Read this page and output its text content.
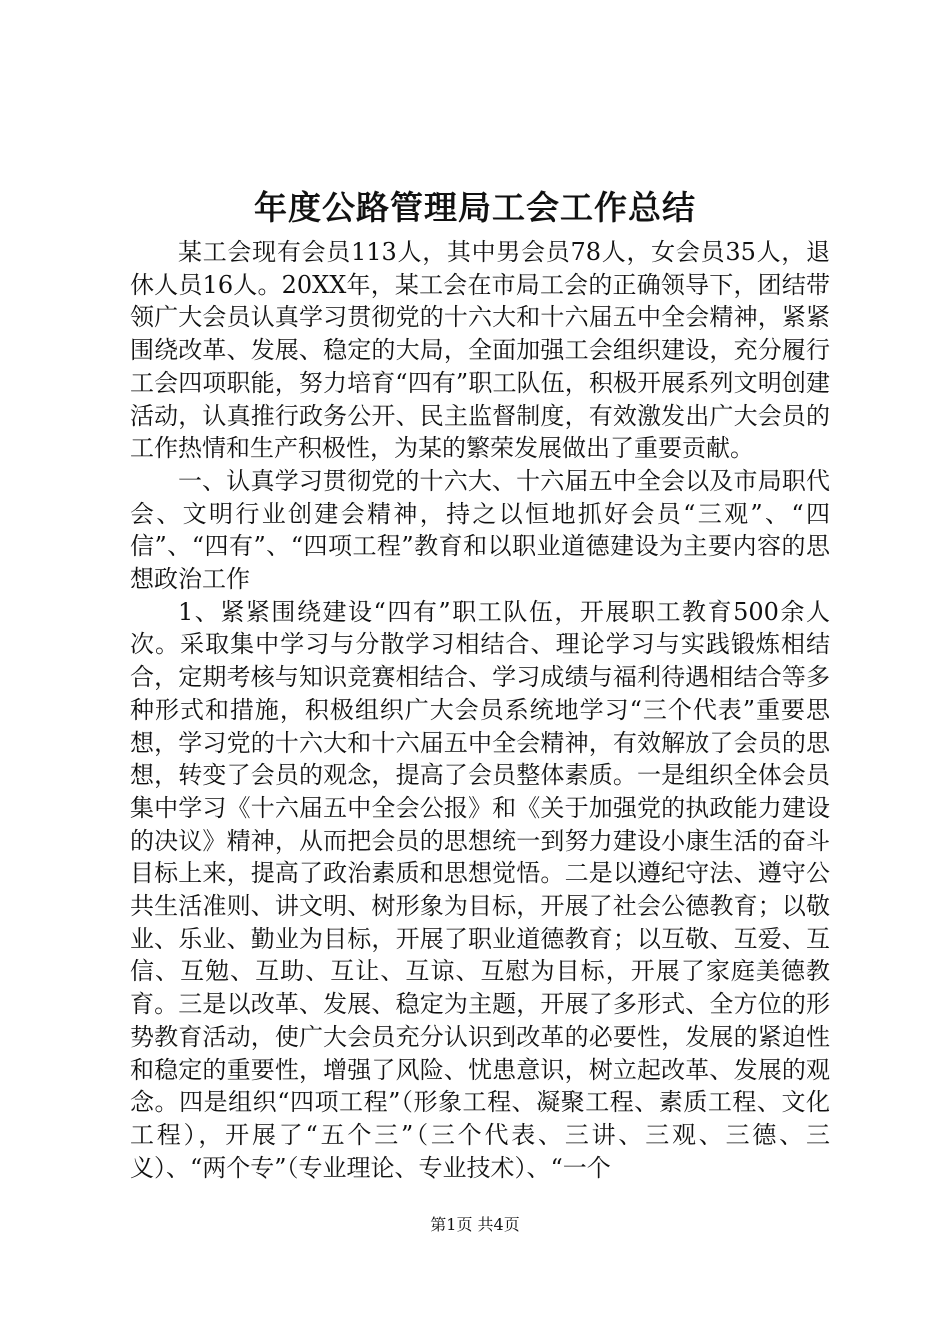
年度公路管理局工会工作总结

某工会现有会员113人，其中男会员78人，女会员35人，退休人员16人。20XX年，某工会在市局工会的正确领导下，团结带领广大会员认真学习贯彻党的十六大和十六届五中全会精神，紧紧围绕改革、发展、稳定的大局，全面加强工会组织建设，充分履行工会四项职能，努力培育“四有”职工队伍，积极开展系列文明创建活动，认真推行政务公开、民主监督制度，有效激发出广大会员的工作热情和生产积极性，为某的繁荣发展做出了重要贡献。

一、认真学习贯彻党的十六大、十六届五中全会以及市局职代会、文明行业创建会精神，持之以恒地抓好会员“三观”、“四信”、“四有”、“四项工程”教育和以职业道德建设为主要内容的思想政治工作

1、紧紧围绕建设“四有”职工队伍，开展职工教育500余人次。采取集中学习与分散学习相结合、理论学习与实践锻炼相结合，定期考核与知识竞赛相结合、学习成绩与福利待遇相结合等多种形式和措施，积极组织广大会员系统地学习“三个代表”重要思想，学习党的十六大和十六届五中全会精神，有效解放了会员的思想，转变了会员的观念，提高了会员整体素质。一是组织全体会员集中学习《十六届五中全会公报》和《关于加强党的执政能力建设的决议》精神，从而把会员的思想统一到努力建设小康生活的奋斗目标上来，提高了政治素质和思想觉悟。二是以遵纪守法、遵守公共生活准则、讲文明、树形象为目标，开展了社会公德教育；以敬业、乐业、勤业为目标，开展了职业道德教育；以互敬、互爱、互信、互勉、互助、互让、互谅、互慰为目标，开展了家庭美德教育。三是以改革、发展、稳定为主题，开展了多形式、全方位的形势教育活动，使广大会员充分认识到改革的必要性，发展的紧迫性和稳定的重要性，增强了风险、忧患意识，树立起改革、发展的观念。四是组织“四项工程”（形象工程、凝聚工程、素质工程、文化工程），开展了“五个三”（三个代表、三讲、三观、三德、三义）、“两个专”（专业理论、专业技术）、“一个

第1页 共4页
